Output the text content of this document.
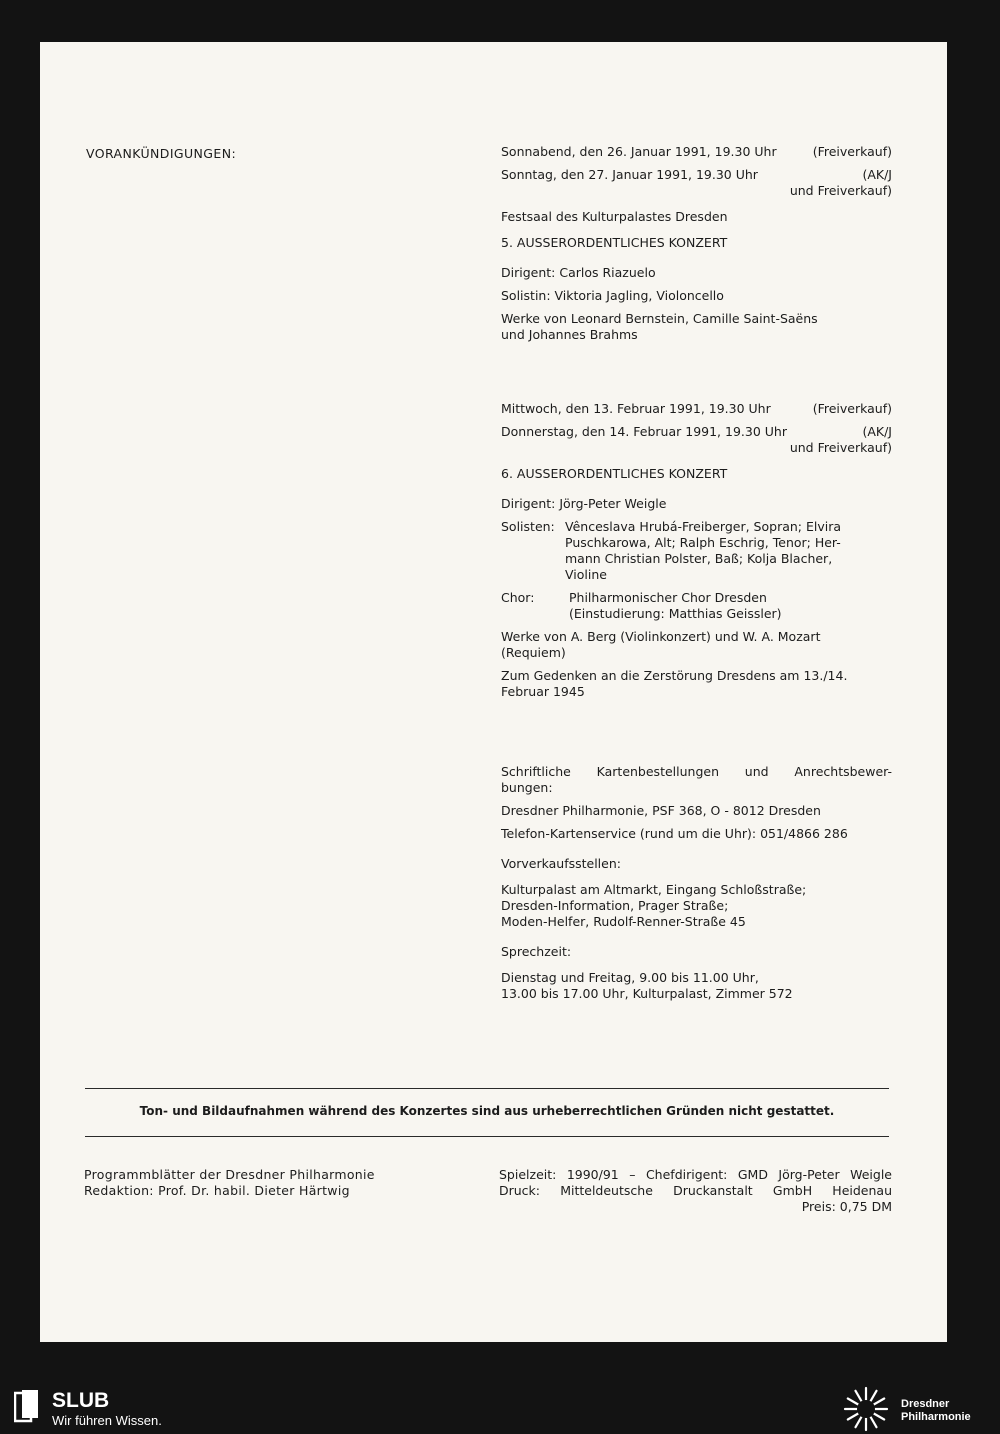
VORANKÜNDIGUNGEN:	Sonnabend, den 26. Januar 1991, 19.30 Uhr	(Freiverkauf)
Sonntag, den 27. Januar 1991, 19.30 Uhr	(AK/J
und Freiverkauf)
Festsaal des Kulturpalastes Dresden
5. AUSSERORDENTLICHES KONZERT
Dirigent: Carlos Riazuelo
Solistin: Viktoria Jagling, Violoncello
Werke von Leonard Bernstein, Camille Saint-Saëns
und Johannes Brahms
Mittwoch, den 13. Februar 1991, 19.30 Uhr	(Freiverkauf)
Donnerstag, den 14. Februar 1991, 19.30 Uhr	(AK/J
und Freiverkauf)
6. AUSSERORDENTLICHES KONZERT
Dirigent: Jörg-Peter Weigle
Solisten: Vênceslava Hrubá-Freiberger, Sopran; Elvira
Puschkarowa, Alt; Ralph Eschrig, Tenor; Her-
mann Christian Polster, Baß; Kolja Blacher,
Violine
Chor:	Philharmonischer Chor Dresden
(Einstudierung: Matthias Geissler)
Werke von A. Berg (Violinkonzert) und W. A. Mozart
(Requiem)
Zum Gedenken an die Zerstörung Dresdens am 13./14.
Februar 1945
Schriftliche Kartenbestellungen und Anrechtsbewer-
bungen:
Dresdner Philharmonie, PSF 368, O - 8012 Dresden
Telefon-Kartenservice (rund um die Uhr): 051/4866 286
Vorverkaufsstellen:
Kulturpalast am Altmarkt, Eingang Schloßstraße;
Dresden-Information, Prager Straße;
Moden-Helfer, Rudolf-Renner-Straße 45
Sprechzeit:
Dienstag und Freitag, 9.00 bis 11.00 Uhr,
13.00 bis 17.00 Uhr, Kulturpalast, Zimmer 572
Ton- und Bildaufnahmen während des Konzertes sind aus urheberrechtlichen Gründen nicht gestattet.
Programmblätter der Dresdner Philharmonie
Redaktion: Prof. Dr. habil. Dieter Härtwig
Spielzeit: 1990/91 – Chefdirigent: GMD Jörg-Peter Weigle
Druck: Mitteldeutsche Druckanstalt GmbH Heidenau
Preis: 0,75 DM
SLUB
Wir führen Wissen.
Dresdner
Philharmonie
